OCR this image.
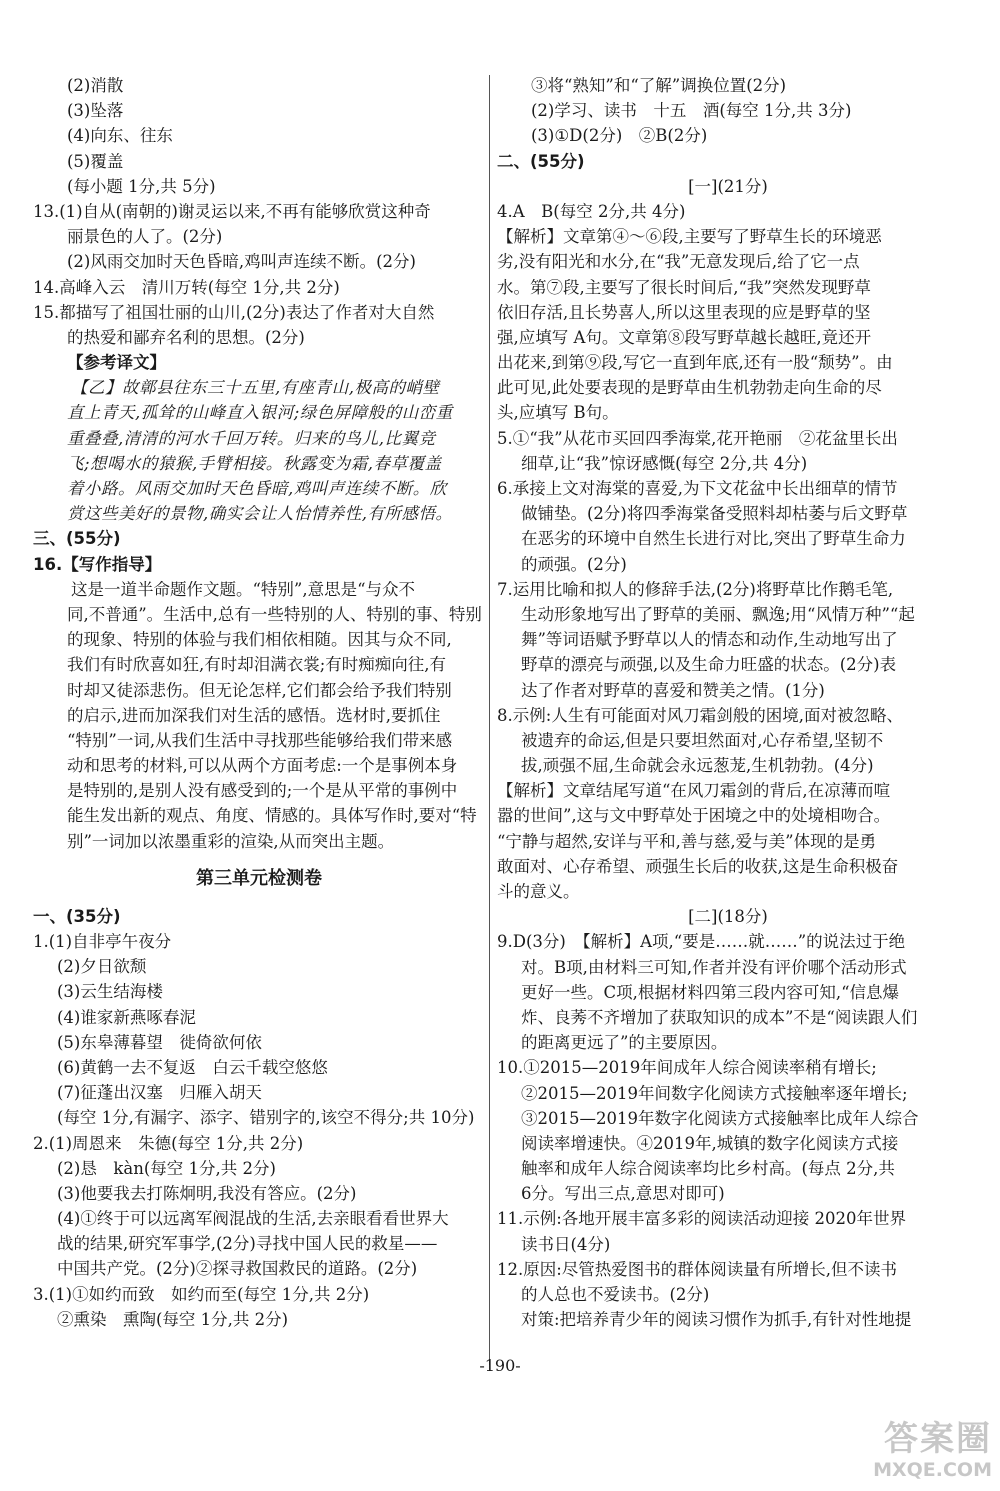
(2)消散
(3)坠落
(4)向东、往东
(5)覆盖
(每小题 1分,共 5分)
13.(1)自从(南朝的)谢灵运以来,不再有能够欣赏这种奇
丽景色的人了。(2分)
(2)风雨交加时天色昏暗,鸡叫声连续不断。(2分)
14.高峰入云　清川万转(每空 1分,共 2分)
15.都描写了祖国壮丽的山川,(2分)表达了作者对大自然
的热爱和鄙弃名利的思想。(2分)
【参考译文】
【乙】故鄣县往东三十五里,有座青山,极高的峭壁
直上青天,孤耸的山峰直入银河;绿色屏障般的山峦重
重叠叠,清清的河水千回万转。归来的鸟儿,比翼竞
飞;想喝水的猿猴,手臂相接。秋露变为霜,春草覆盖
着小路。风雨交加时天色昏暗,鸡叫声连续不断。欣
赏这些美好的景物,确实会让人怡情养性,有所感悟。
三、(55分)
16.【写作指导】
这是一道半命题作文题。“特别”,意思是“与众不
同,不普通”。生活中,总有一些特别的人、特别的事、特别
的现象、特别的体验与我们相依相随。因其与众不同,
我们有时欣喜如狂,有时却泪满衣裳;有时痴痴向往,有
时却又徒添悲伤。但无论怎样,它们都会给予我们特别
的启示,进而加深我们对生活的感悟。选材时,要抓住
“特别”一词,从我们生活中寻找那些能够给我们带来感
动和思考的材料,可以从两个方面考虑:一个是事例本身
是特别的,是别人没有感受到的;一个是从平常的事例中
能生发出新的观点、角度、情感的。具体写作时,要对“特
别”一词加以浓墨重彩的渲染,从而突出主题。
第三单元检测卷
一、(35分)
1.(1)自非亭午夜分
(2)夕日欲颓
(3)云生结海楼
(4)谁家新燕啄春泥
(5)东皋薄暮望　徙倚欲何依
(6)黄鹤一去不复返　白云千载空悠悠
(7)征蓬出汉塞　归雁入胡天
(每空 1分,有漏字、添字、错别字的,该空不得分;共 10分)
2.(1)周恩来　朱德(每空 1分,共 2分)
(2)恳　kàn(每空 1分,共 2分)
(3)他要我去打陈炯明,我没有答应。(2分)
(4)①终于可以远离军阀混战的生活,去亲眼看看世界大
战的结果,研究军事学,(2分)寻找中国人民的救星——
中国共产党。(2分)②探寻救国救民的道路。(2分)
3.(1)①如约而致　如约而至(每空 1分,共 2分)
②熏染　熏陶(每空 1分,共 2分)
③将“熟知”和“了解”调换位置(2分)
(2)学习、读书　十五　酒(每空 1分,共 3分)
(3)①D(2分)　②B(2分)
二、(55分)
[一](21分)
4.A　B(每空 2分,共 4分)
【解析】文章第④～⑥段,主要写了野草生长的环境恶
劣,没有阳光和水分,在“我”无意发现后,给了它一点
水。第⑦段,主要写了很长时间后,“我”突然发现野草
依旧存活,且长势喜人,所以这里表现的应是野草的坚
强,应填写 A句。文章第⑧段写野草越长越旺,竟还开
出花来,到第⑨段,写它一直到年底,还有一股“颓势”。由
此可见,此处要表现的是野草由生机勃勃走向生命的尽
头,应填写 B句。
5.①“我”从花市买回四季海棠,花开艳丽　②花盆里长出
细草,让“我”惊讶感慨(每空 2分,共 4分)
6.承接上文对海棠的喜爱,为下文花盆中长出细草的情节
做铺垫。(2分)将四季海棠备受照料却枯萎与后文野草
在恶劣的环境中自然生长进行对比,突出了野草生命力
的顽强。(2分)
7.运用比喻和拟人的修辞手法,(2分)将野草比作鹅毛笔,
生动形象地写出了野草的美丽、飘逸;用“风情万种”“起
舞”等词语赋予野草以人的情态和动作,生动地写出了
野草的漂亮与顽强,以及生命力旺盛的状态。(2分)表
达了作者对野草的喜爱和赞美之情。(1分)
8.示例:人生有可能面对风刀霜剑般的困境,面对被忽略、
被遗弃的命运,但是只要坦然面对,心存希望,坚韧不
拔,顽强不屈,生命就会永远葱茏,生机勃勃。(4分)
【解析】文章结尾写道“在风刀霜剑的背后,在凉薄而喧
嚣的世间”,这与文中野草处于困境之中的处境相吻合。
“宁静与超然,安详与平和,善与慈,爱与美”体现的是勇
敢面对、心存希望、顽强生长后的收获,这是生命积极奋
斗的意义。
[二](18分)
9.D(3分)　【解析】A项,“要是……就……”的说法过于绝
对。B项,由材料三可知,作者并没有评价哪个活动形式
更好一些。C项,根据材料四第三段内容可知,“信息爆
炸、良莠不齐增加了获取知识的成本”不是“阅读跟人们
的距离更远了”的主要原因。
10.①2015—2019年间成年人综合阅读率稍有增长;
②2015—2019年间数字化阅读方式接触率逐年增长;
③2015—2019年数字化阅读方式接触率比成年人综合
阅读率增速快。④2019年,城镇的数字化阅读方式接
触率和成年人综合阅读率均比乡村高。(每点 2分,共
6分。写出三点,意思对即可)
11.示例:各地开展丰富多彩的阅读活动迎接 2020年世界
读书日(4分)
12.原因:尽管热爱图书的群体阅读量有所增长,但不读书
的人总也不爱读书。(2分)
对策:把培养青少年的阅读习惯作为抓手,有针对性地提
-190-
答案圈
MXQE.COM
